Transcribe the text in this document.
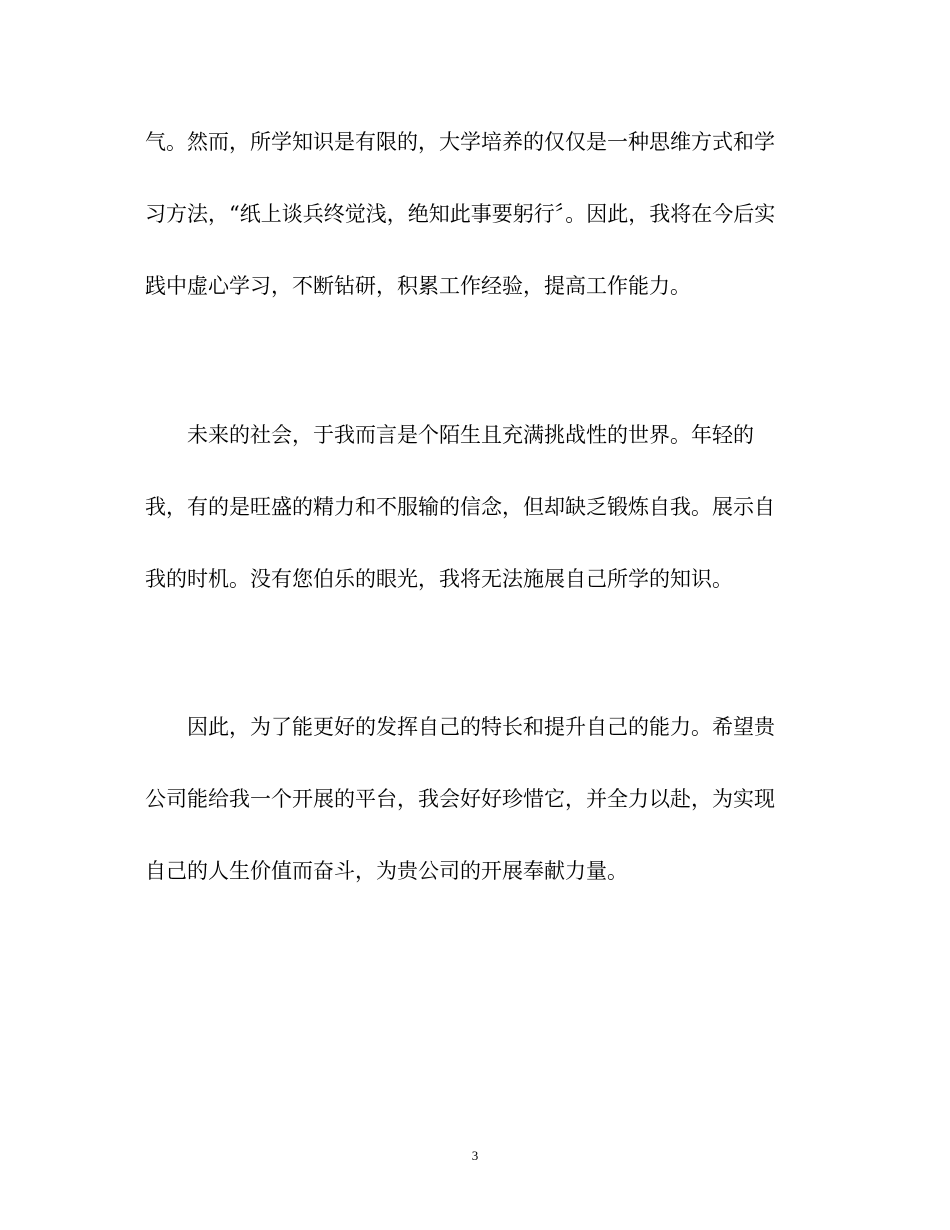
气。然而，所学知识是有限的，大学培养的仅仅是一种思维方式和学
习方法，“纸上谈兵终觉浅，绝知此事要躬行〞。因此，我将在今后实
践中虚心学习，不断钻研，积累工作经验，提高工作能力。
未来的社会，于我而言是个陌生且充满挑战性的世界。年轻的
我，有的是旺盛的精力和不服输的信念，但却缺乏锻炼自我。展示自
我的时机。没有您伯乐的眼光，我将无法施展自己所学的知识。
因此，为了能更好的发挥自己的特长和提升自己的能力。希望贵
公司能给我一个开展的平台，我会好好珍惜它，并全力以赴，为实现
自己的人生价值而奋斗，为贵公司的开展奉献力量。
3
